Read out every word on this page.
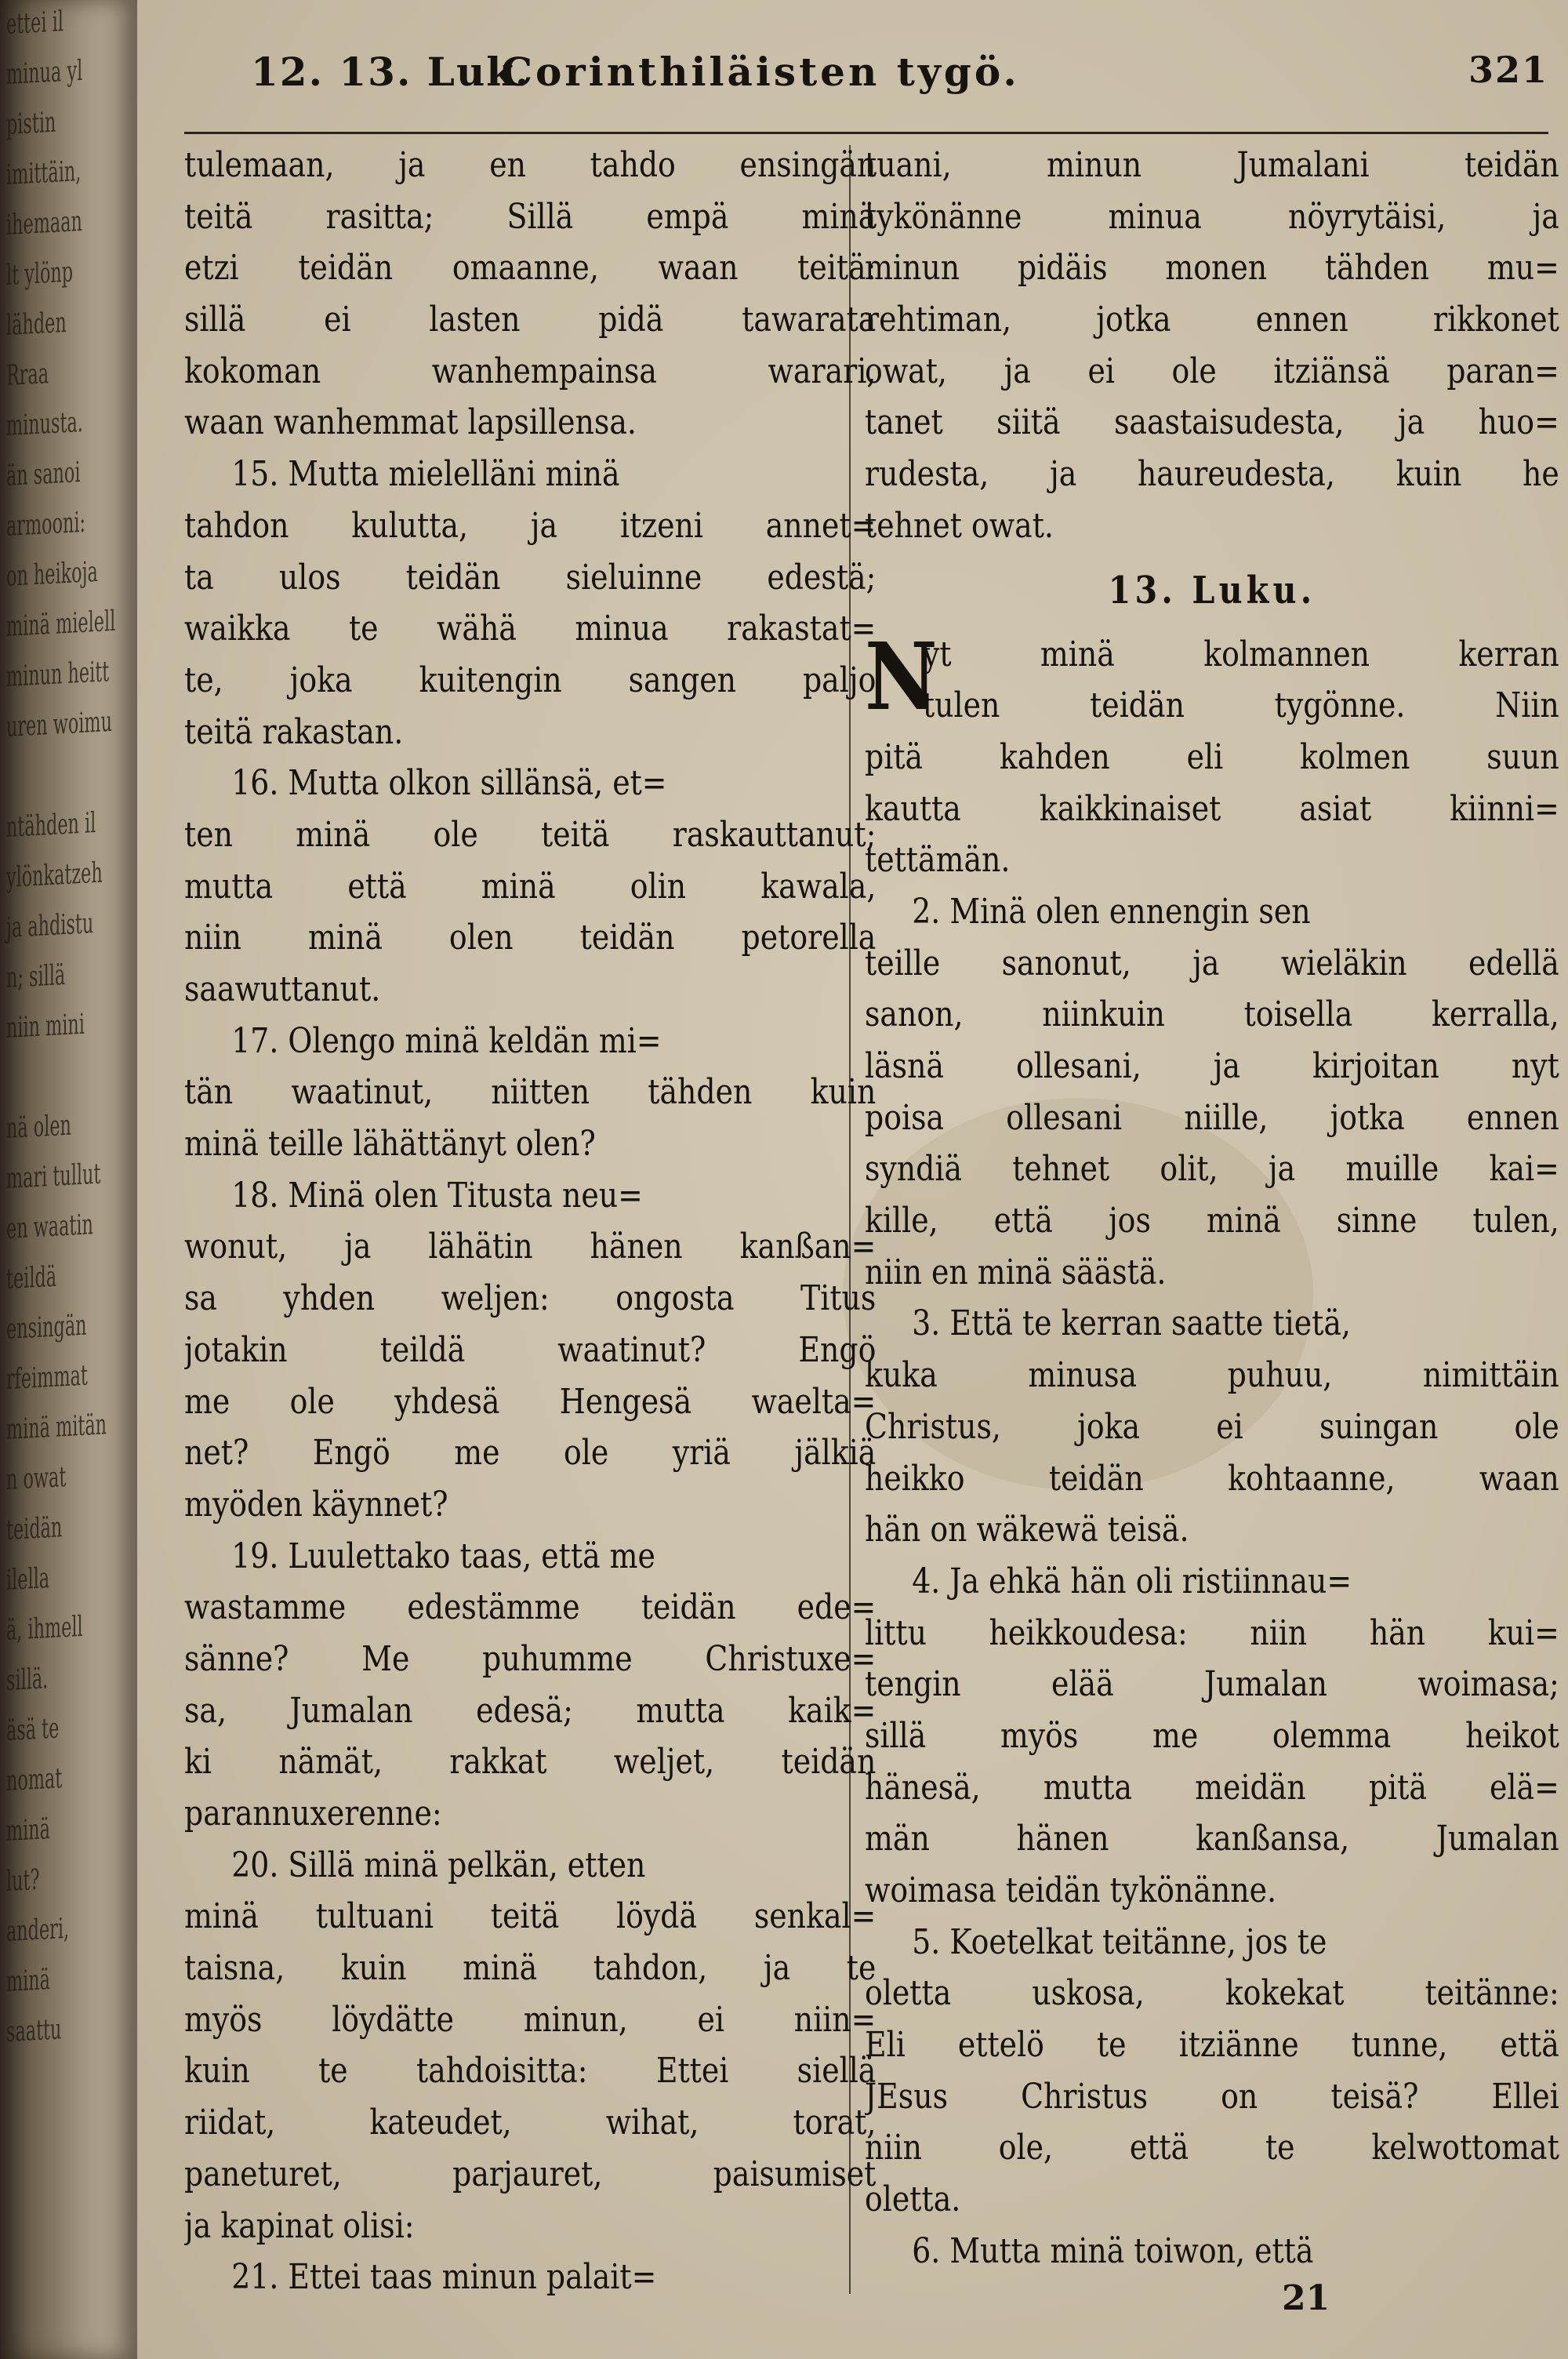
ettei il
minua yl
pistin
imittäin,
ihemaan
lt ylönp
lähden
Rraa
minusta.
än sanoi
armooni:
on heikoja
minä mielell
minun heitt
uren woimu
ntähden il
ylönkatzeh
ja ahdistu
n; sillä
niin mini
nä olen
mari tullut
en waatin
teildä
ensingän
rfeimmat
minä mitän
n owat
teidän
ilella
ä, ihmell
sillä.
äsä te
nomat
minä
lut?
anderi,
minä
saattu
12. 13. Luk.
Corinthiläisten tygö.	321
tulemaan, ja en tahdo ensingän
teitä rasitta; Sillä empä minä
etzi teidän omaanne, waan teitä:
sillä ei lasten pidä tawarata
kokoman wanhempainsa warari,
waan wanhemmat lapsillensa.
15. Mutta mielelläni minä
tahdon kulutta, ja itzeni annet=
ta ulos teidän sieluinne edestä;
waikka te wähä minua rakastat=
te, joka kuitengin sangen paljo
teitä rakastan.
16. Mutta olkon sillänsä, et=
ten minä ole teitä raskauttanut;
mutta että minä olin kawala,
niin minä olen teidän petorella
saawuttanut.
17. Olengo minä keldän mi=
tän waatinut, niitten tähden kuin
minä teille lähättänyt olen?
18. Minä olen Titusta neu=
wonut, ja lähätin hänen kanßan=
sa yhden weljen: ongosta Titus
jotakin teildä waatinut? Engö
me ole yhdesä Hengesä waelta=
net? Engö me ole yriä jälkiä
myöden käynnet?
19. Luulettako taas, että me
wastamme edestämme teidän ede=
sänne? Me puhumme Christuxe=
sa, Jumalan edesä; mutta kaik=
ki nämät, rakkat weljet, teidän
parannuxerenne:
20. Sillä minä pelkän, etten
minä tultuani teitä löydä senkal=
taisna, kuin minä tahdon, ja te
myös löydätte minun, ei niin=
kuin te tahdoisitta: Ettei siellä
riidat, kateudet, wihat, torat,
paneturet, parjauret, paisumiset
ja kapinat olisi:
21. Ettei taas minun palait=
tuani, minun Jumalani teidän
tykönänne minua nöyrytäisi, ja
minun pidäis monen tähden mu=
rehtiman, jotka ennen rikkonet
owat, ja ei ole itziänsä paran=
tanet siitä saastaisudesta, ja huo=
rudesta, ja haureudesta, kuin he
tehnet owat.
13. Luku.
N
yt minä kolmannen kerran
tulen teidän tygönne. Niin
pitä kahden eli kolmen suun
kautta kaikkinaiset asiat kiinni=
tettämän.
2. Minä olen ennengin sen
teille sanonut, ja wieläkin edellä
sanon, niinkuin toisella kerralla,
läsnä ollesani, ja kirjoitan nyt
poisa ollesani niille, jotka ennen
syndiä tehnet olit, ja muille kai=
kille, että jos minä sinne tulen,
niin en minä säästä.
3. Että te kerran saatte tietä,
kuka minusa puhuu, nimittäin
Christus, joka ei suingan ole
heikko teidän kohtaanne, waan
hän on wäkewä teisä.
4. Ja ehkä hän oli ristiinnau=
littu heikkoudesa: niin hän kui=
tengin elää Jumalan woimasa;
sillä myös me olemma heikot
hänesä, mutta meidän pitä elä=
män hänen kanßansa, Jumalan
woimasa teidän tykönänne.
5. Koetelkat teitänne, jos te
oletta uskosa, kokekat teitänne:
Eli ettelö te itziänne tunne, että
JEsus Christus on teisä? Ellei
niin ole, että te kelwottomat
oletta.
6. Mutta minä toiwon, että
21
